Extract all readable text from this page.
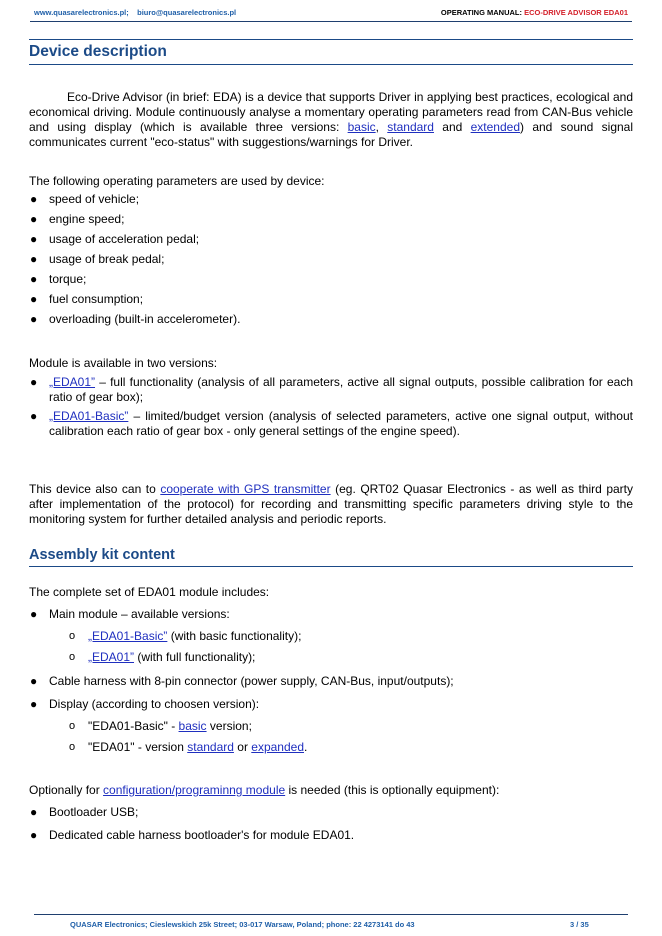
www.quasarelectronics.pl; biuro@quasarelectronics.pl	OPERATING MANUAL: ECO-DRIVE ADVISOR EDA01
Device description
Eco-Drive Advisor (in brief: EDA) is a device that supports Driver in applying best practices, ecological and economical driving. Module continuously analyse a momentary operating parameters read from CAN-Bus vehicle and using display (which is available three versions: basic, standard and extended) and sound signal communicates current "eco-status" with suggestions/warnings for Driver.
The following operating parameters are used by device:
● speed of vehicle;
● engine speed;
● usage of acceleration pedal;
● usage of break pedal;
● torque;
● fuel consumption;
● overloading (built-in accelerometer).
Module is available in two versions:
● „EDA01” – full functionality (analysis of all parameters, active all signal outputs, possible calibration for each ratio of gear box);
● „EDA01-Basic” – limited/budget version (analysis of selected parameters, active one signal output, without calibration each ratio of gear box - only general settings of the engine speed).
This device also can to cooperate with GPS transmitter (eg. QRT02 Quasar Electronics - as well as third party after implementation of the protocol) for recording and transmitting specific parameters driving style to the monitoring system for further detailed analysis and periodic reports.
Assembly kit content
The complete set of EDA01 module includes:
● Main module – available versions:
o „EDA01-Basic” (with basic functionality);
o „EDA01” (with full functionality);
● Cable harness with 8-pin connector (power supply, CAN-Bus, input/outputs);
● Display (according to choosen version):
o "EDA01-Basic" - basic version;
o "EDA01" - version standard or expanded.
Optionally for configuration/programinng module is needed (this is optionally equipment):
● Bootloader USB;
● Dedicated cable harness bootloader's for module EDA01.
QUASAR Electronics; Cieslewskich 25k Street; 03-017 Warsaw, Poland; phone: 22 4273141 do 43	3 / 35
